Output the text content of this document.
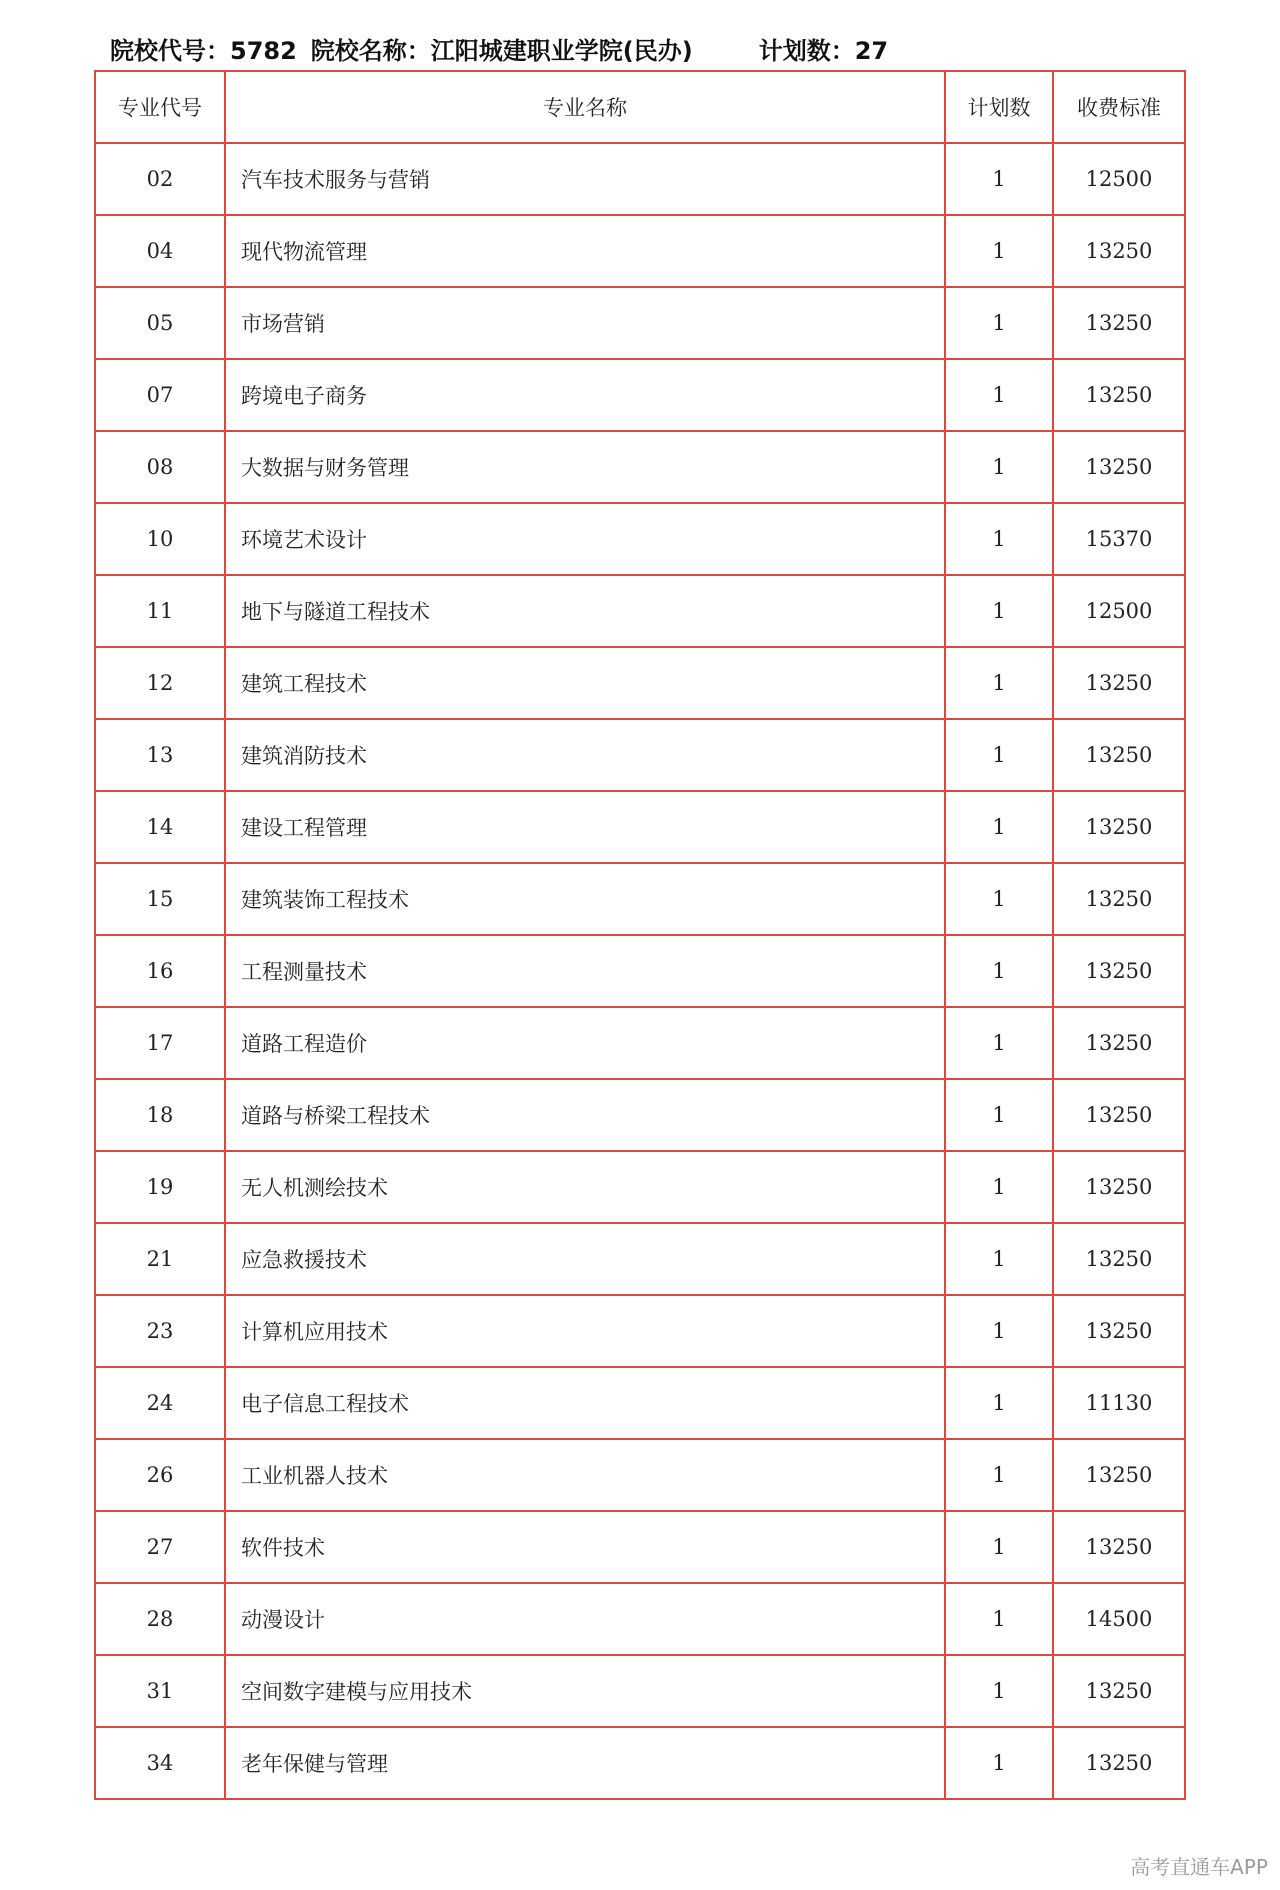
院校代号：5782 院校名称：江阳城建职业学院(民办)	计划数：27
专业代号	专业名称	计划数	收费标准
02	汽车技术服务与营销	1	12500
04	现代物流管理	1	13250
05	市场营销	1	13250
07	跨境电子商务	1	13250
08	大数据与财务管理	1	13250
10	环境艺术设计	1	15370
11	地下与隧道工程技术	1	12500
12	建筑工程技术	1	13250
13	建筑消防技术	1	13250
14	建设工程管理	1	13250
15	建筑装饰工程技术	1	13250
16	工程测量技术	1	13250
17	道路工程造价	1	13250
18	道路与桥梁工程技术	1	13250
19	无人机测绘技术	1	13250
21	应急救援技术	1	13250
23	计算机应用技术	1	13250
24	电子信息工程技术	1	11130
26	工业机器人技术	1	13250
27	软件技术	1	13250
28	动漫设计	1	14500
31	空间数字建模与应用技术	1	13250
34	老年保健与管理	1	13250
高考直通车APP
